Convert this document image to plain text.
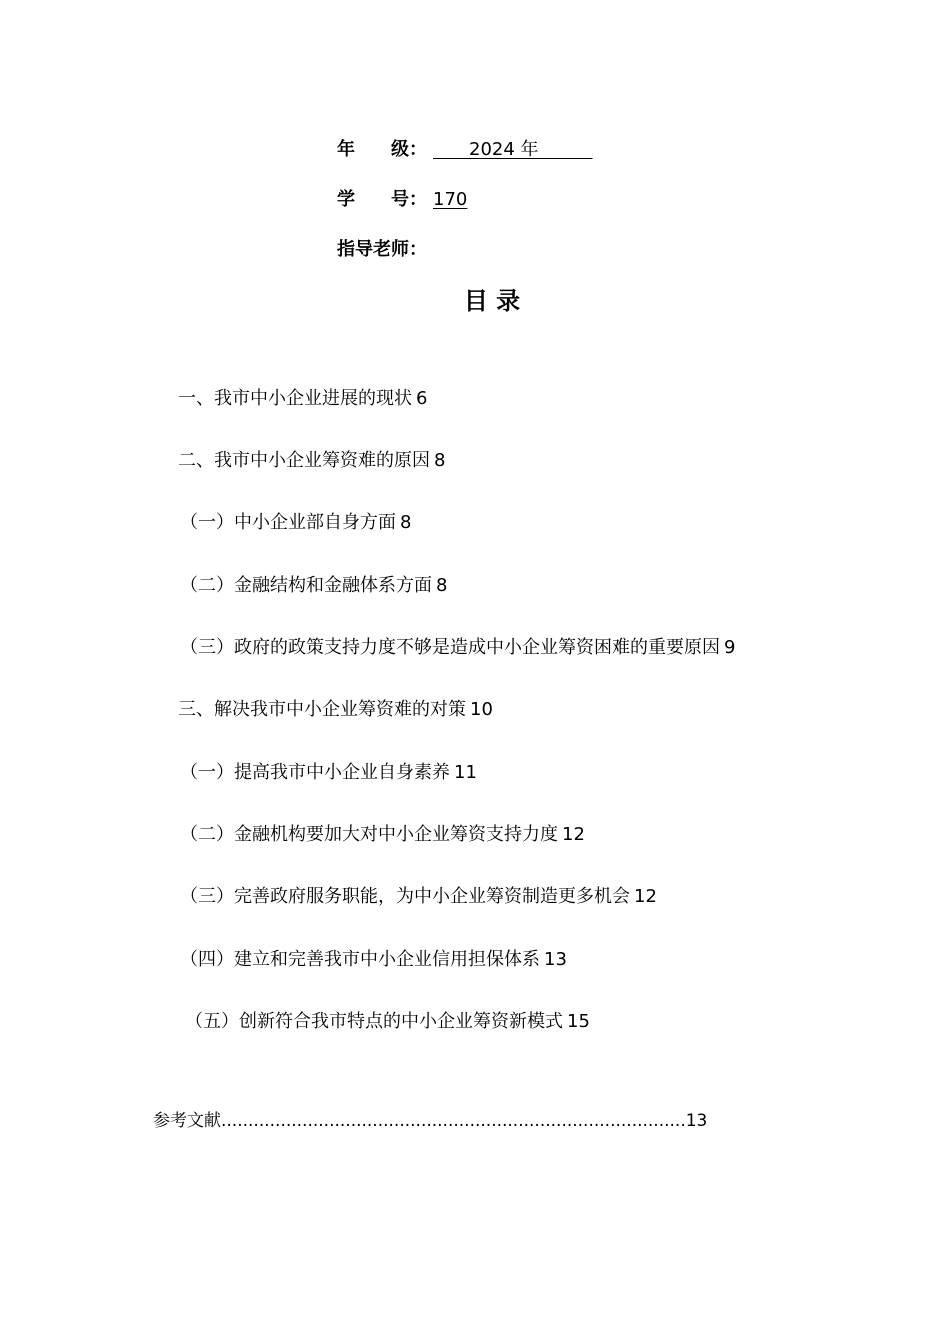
年　　级：　　2024 年　　　
学　　号：170
指导老师：
目 录
一、我市中小企业进展的现状 6
二、我市中小企业筹资难的原因 8
（一）中小企业部自身方面 8
（二）金融结构和金融体系方面 8
（三）政府的政策支持力度不够是造成中小企业筹资困难的重要原因 9
三、解决我市中小企业筹资难的对策 10
（一）提高我市中小企业自身素养 11
（二）金融机构要加大对中小企业筹资支持力度 12
（三）完善政府服务职能，为中小企业筹资制造更多机会 12
（四）建立和完善我市中小企业信用担保体系 13
（五）创新符合我市特点的中小企业筹资新模式 15
参考文献......................................................................................13
